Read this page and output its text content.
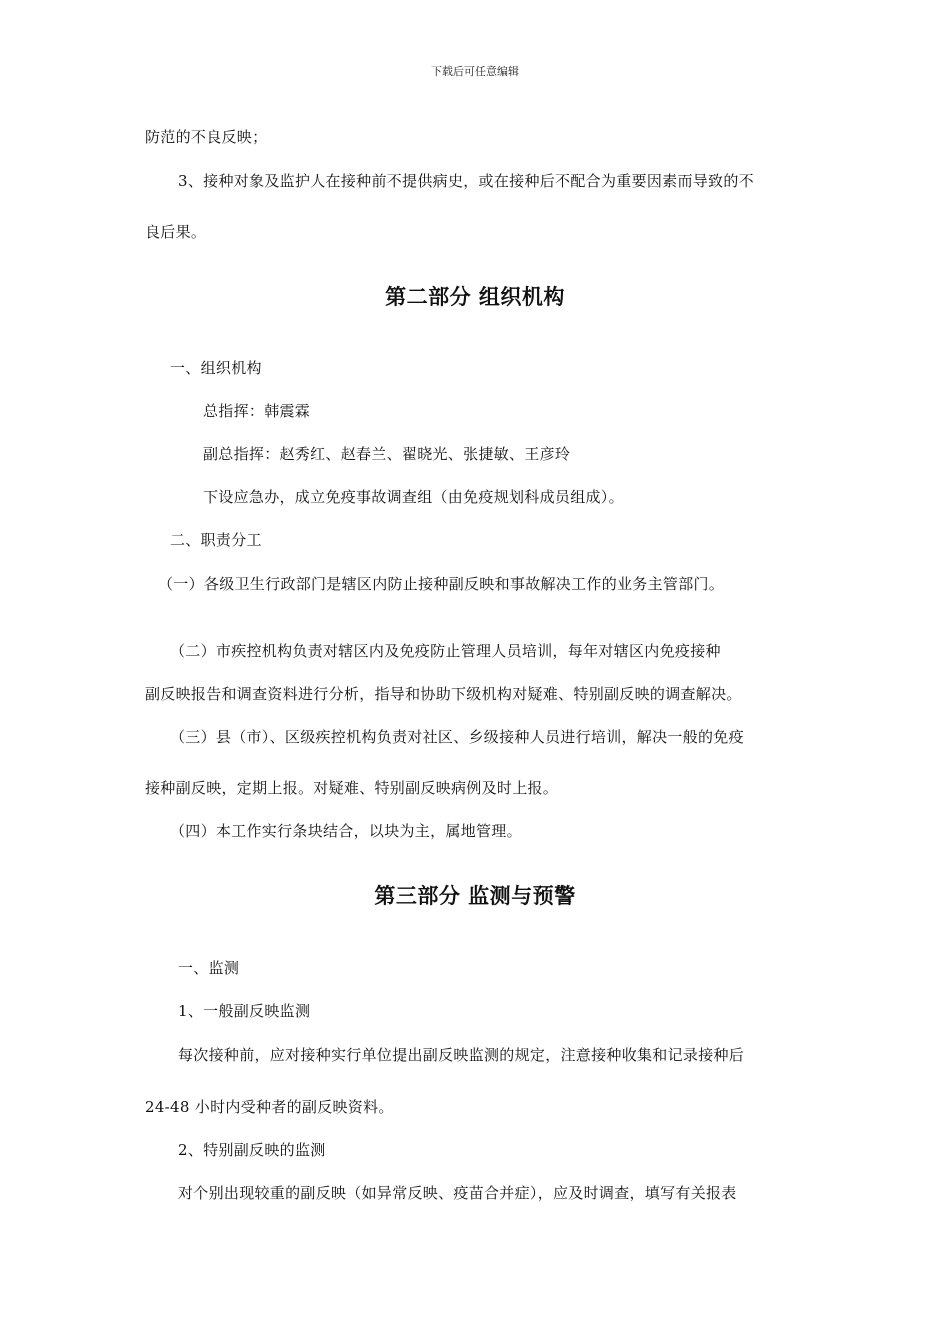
下载后可任意编辑
防范的不良反映；
3、接种对象及监护人在接种前不提供病史，或在接种后不配合为重要因素而导致的不
良后果。
第二部分 组织机构
一、组织机构
总指挥：韩震霖
副总指挥：赵秀红、赵春兰、翟晓光、张捷敏、王彦玲
下设应急办，成立免疫事故调查组（由免疫规划科成员组成）。
二、职责分工
（一）各级卫生行政部门是辖区内防止接种副反映和事故解决工作的业务主管部门。
（二）市疾控机构负责对辖区内及免疫防止管理人员培训，每年对辖区内免疫接种
副反映报告和调查资料进行分析，指导和协助下级机构对疑难、特别副反映的调查解决。
（三）县（市）、区级疾控机构负责对社区、乡级接种人员进行培训，解决一般的免疫
接种副反映，定期上报。对疑难、特别副反映病例及时上报。
（四）本工作实行条块结合，以块为主，属地管理。
第三部分 监测与预警
一、监测
1、一般副反映监测
每次接种前，应对接种实行单位提出副反映监测的规定，注意接种收集和记录接种后
24-48 小时内受种者的副反映资料。
2、特别副反映的监测
对个别出现较重的副反映（如异常反映、疫苗合并症），应及时调查，填写有关报表
